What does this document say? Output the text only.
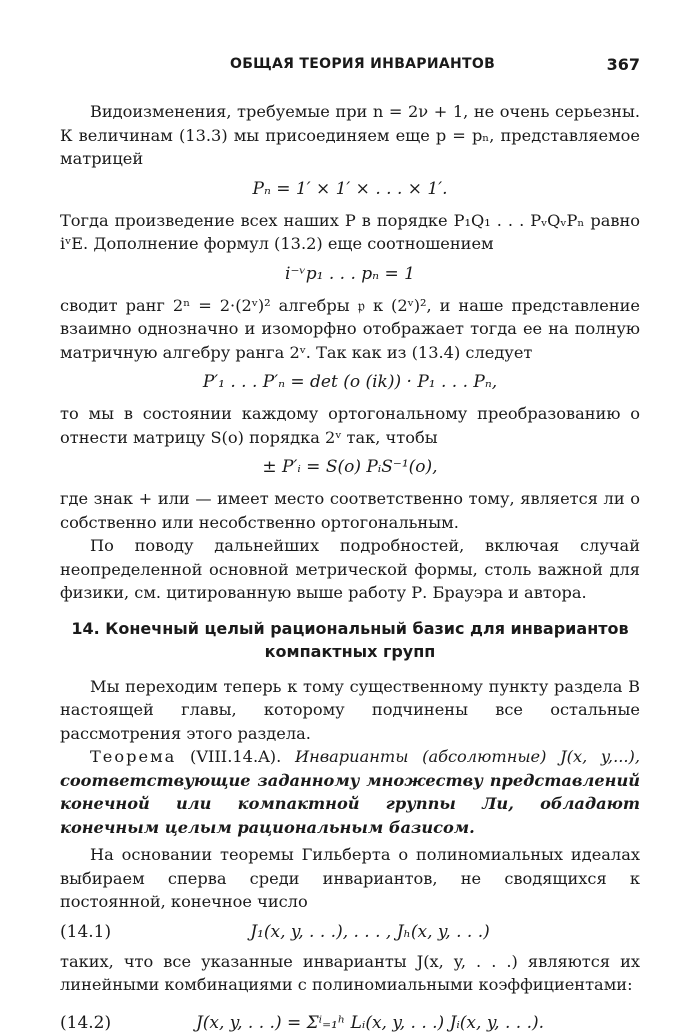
ОБЩАЯ ТЕОРИЯ ИНВАРИАНТОВ	367

Видоизменения, требуемые при n = 2ν + 1, не очень серьезны. К величинам (13.3) мы присоединяем еще p = pₙ, представляемое матрицей

Pₙ = 1′ × 1′ × . . . × 1′.

Тогда произведение всех наших P в порядке P₁Q₁ . . . PᵥQᵥPₙ равно iᵛE. Дополнение формул (13.2) еще соотношением

i⁻ᵛp₁ . . . pₙ = 1

сводит ранг 2ⁿ = 2·(2ᵛ)² алгебры 𝔭 к (2ᵛ)², и наше представление взаимно однозначно и изоморфно отображает тогда ее на полную матричную алгебру ранга 2ᵛ. Так как из (13.4) следует

P′₁ . . . P′ₙ = det (o (ik)) · P₁ . . . Pₙ,

то мы в состоянии каждому ортогональному преобразованию o отнести матрицу S(o) порядка 2ᵛ так, чтобы

± P′ᵢ = S(o) PᵢS⁻¹(o),

где знак + или — имеет место соответственно тому, является ли o собственно или несобственно ортогональным.

По поводу дальнейших подробностей, включая случай неопределенной основной метрической формы, столь важной для физики, см. цитированную выше работу Р. Брауэра и автора.

14. Конечный целый рациональный базис для инвариантов компактных групп

Мы переходим теперь к тому существенному пункту раздела В настоящей главы, которому подчинены все остальные рассмотрения этого раздела.

Теорема (VIII.14.A). Инварианты (абсолютные) J(x, y,...), соответствующие заданному множеству представлений конечной или компактной группы Ли, обладают конечным целым рациональным базисом.

На основании теоремы Гильберта о полиномиальных идеалах выбираем сперва среди инвариантов, не сводящихся к постоянной, конечное число

(14.1)	J₁(x, y, . . .), . . . , Jₕ(x, y, . . .)

таких, что все указанные инварианты J(x, y, . . .) являются их линейными комбинациями с полиномиальными коэффициентами:

(14.2)	J(x, y, . . .) = Σⁱ₌₁ʰ Lᵢ(x, y, . . .) Jᵢ(x, y, . . .).
